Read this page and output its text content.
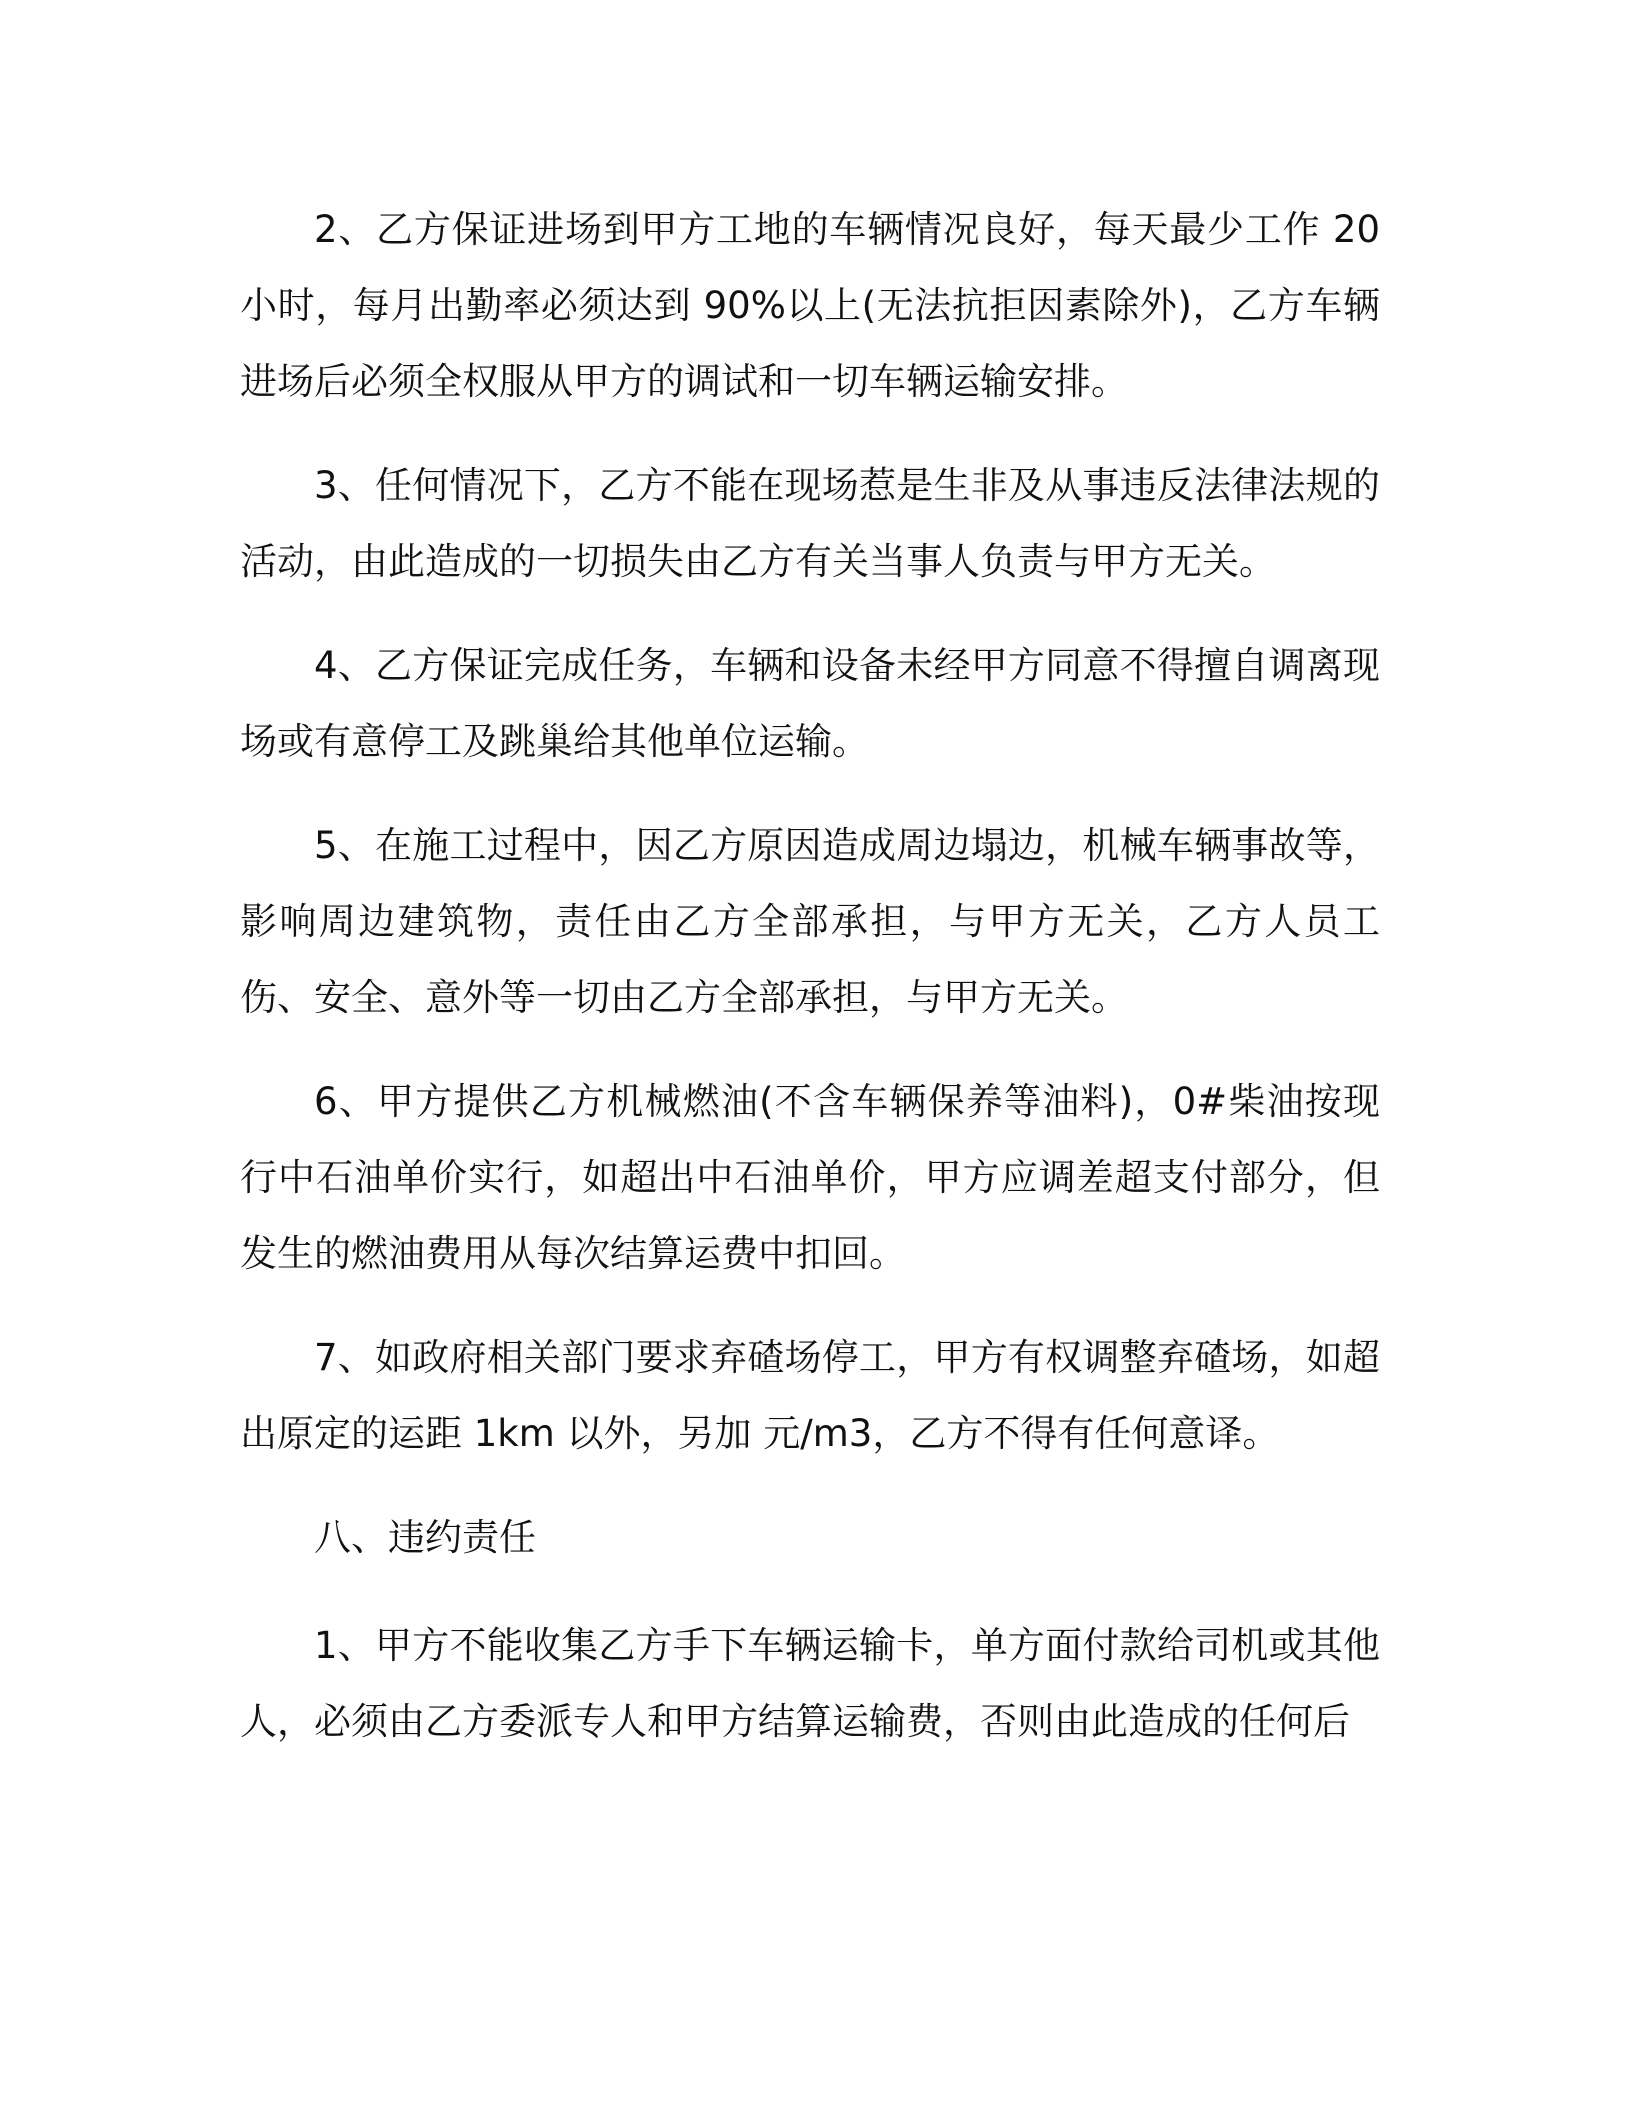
2、乙方保证进场到甲方工地的车辆情况良好，每天最少工作 20 小时，每月出勤率必须达到 90%以上(无法抗拒因素除外)，乙方车辆进场后必须全权服从甲方的调试和一切车辆运输安排。

3、任何情况下，乙方不能在现场惹是生非及从事违反法律法规的活动，由此造成的一切损失由乙方有关当事人负责与甲方无关。

4、乙方保证完成任务，车辆和设备未经甲方同意不得擅自调离现场或有意停工及跳巢给其他单位运输。

5、在施工过程中，因乙方原因造成周边塌边，机械车辆事故等，影响周边建筑物，责任由乙方全部承担，与甲方无关，乙方人员工伤、安全、意外等一切由乙方全部承担，与甲方无关。

6、甲方提供乙方机械燃油(不含车辆保养等油料)，0#柴油按现行中石油单价实行，如超出中石油单价，甲方应调差超支付部分，但发生的燃油费用从每次结算运费中扣回。

7、如政府相关部门要求弃碴场停工，甲方有权调整弃碴场，如超出原定的运距 1km 以外，另加 元/m3，乙方不得有任何意译。

八、违约责任

1、甲方不能收集乙方手下车辆运输卡，单方面付款给司机或其他人，必须由乙方委派专人和甲方结算运输费，否则由此造成的任何后
